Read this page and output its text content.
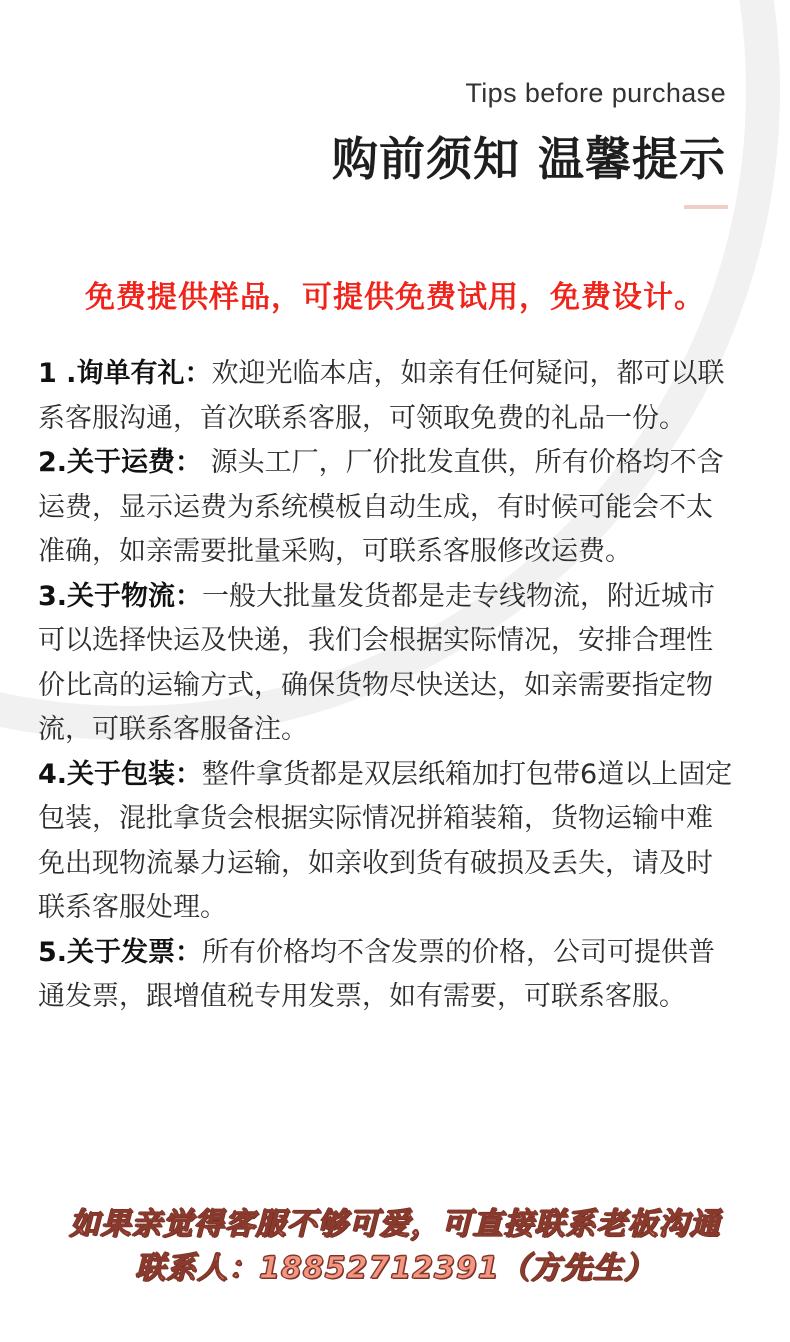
Tips before purchase
购前须知 温馨提示
免费提供样品，可提供免费试用，免费设计。

1 .询单有礼：欢迎光临本店，如亲有任何疑问，都可以联系客服沟通，首次联系客服，可领取免费的礼品一份。

2.关于运费： 源头工厂，厂价批发直供，所有价格均不含运费，显示运费为系统模板自动生成，有时候可能会不太准确，如亲需要批量采购，可联系客服修改运费。

3.关于物流：一般大批量发货都是走专线物流，附近城市可以选择快运及快递，我们会根据实际情况，安排合理性价比高的运输方式，确保货物尽快送达，如亲需要指定物流，可联系客服备注。

4.关于包装：整件拿货都是双层纸箱加打包带6道以上固定包装，混批拿货会根据实际情况拼箱装箱，货物运输中难免出现物流暴力运输，如亲收到货有破损及丢失，请及时联系客服处理。

5.关于发票：所有价格均不含发票的价格，公司可提供普通发票，跟增值税专用发票，如有需要，可联系客服。

如果亲觉得客服不够可爱，可直接联系老板沟通
联系人：18852712391（方先生）
